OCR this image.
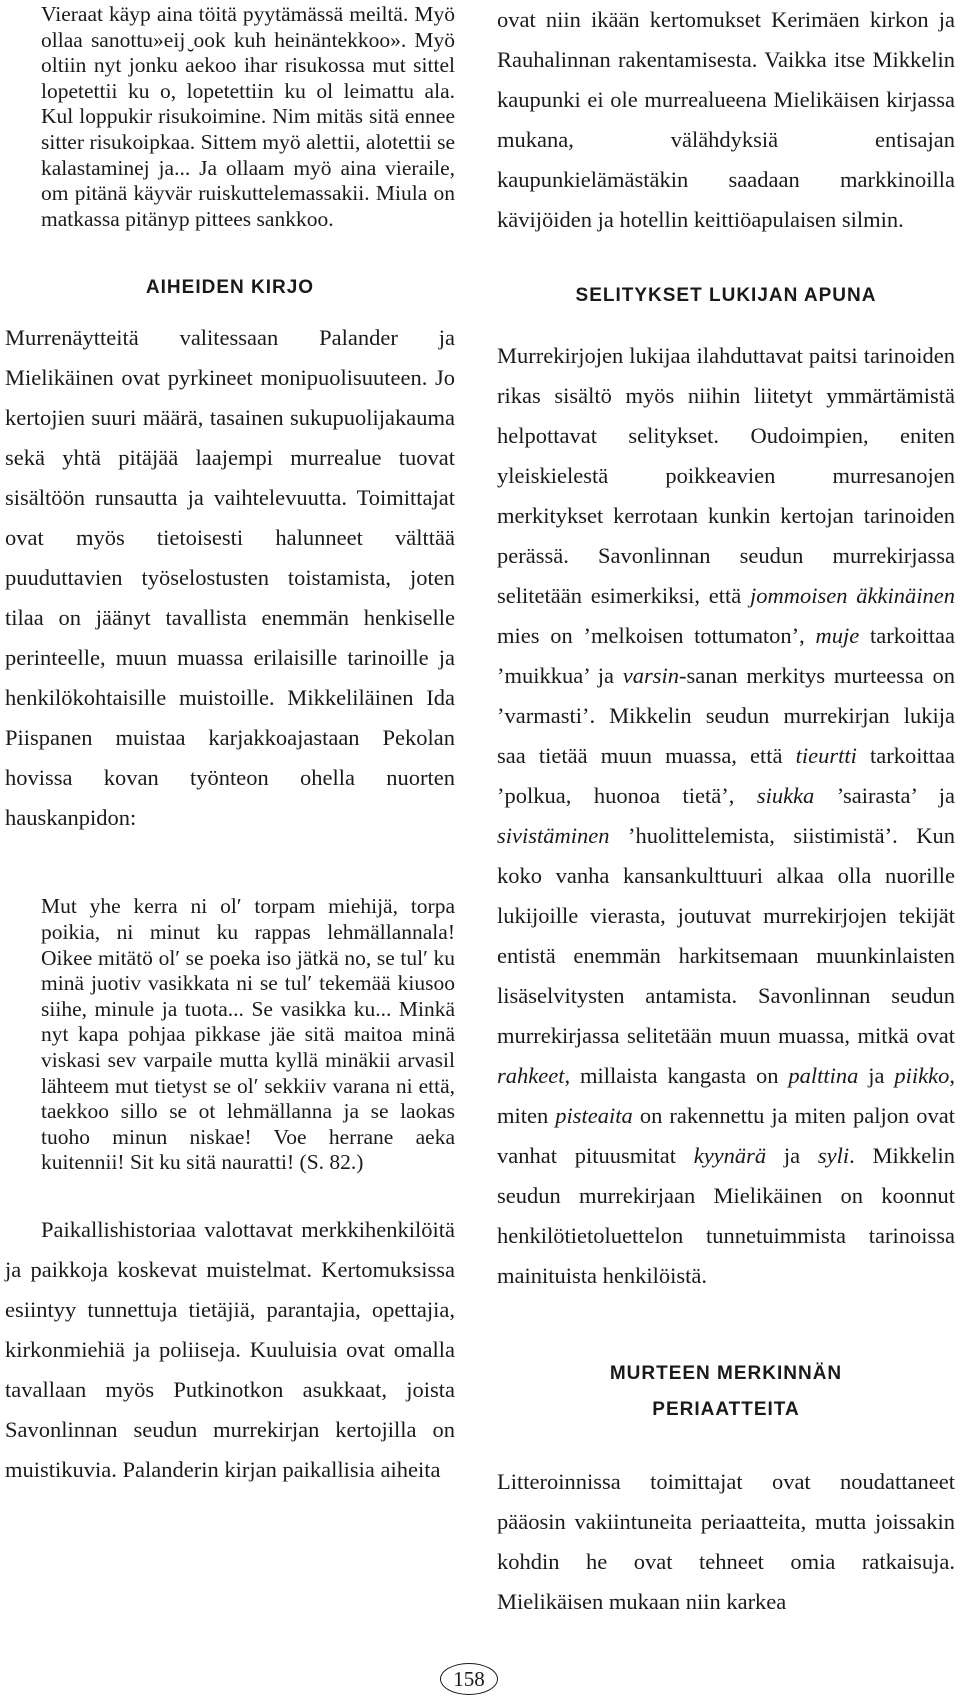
Vieraat käyp aina töitä pyytämässä meiltä. Myö ollaa sanottu»eij ̮ook kuh heinäntekkoo». Myö oltiin nyt jonku aekoo ihar risukossa mut sittel lopetettii ku o, lopetettiin ku ol leimattu ala. Kul loppukir risukoimine. Nim mitäs sitä ennee sitter risukoipkaa. Sittem myö alettii, alotettii se kalastaminej ja... Ja ollaam myö aina vieraile, om pitänä käyvär ruiskuttelemassakii. Miula on matkassa pitänyp pittees sankkoo.

AIHEIDEN KIRJO

Murrenäytteitä valitessaan Palander ja Mielikäinen ovat pyrkineet monipuolisuuteen. Jo kertojien suuri määrä, tasainen sukupuolijakauma sekä yhtä pitäjää laajempi murrealue tuovat sisältöön runsautta ja vaihtelevuutta. Toimittajat ovat myös tietoisesti halunneet välttää puuduttavien työselostusten toistamista, joten tilaa on jäänyt tavallista enemmän henkiselle perinteelle, muun muassa erilaisille tarinoille ja henkilökohtaisille muistoille. Mikkeliläinen Ida Piispanen muistaa karjakkoajastaan Pekolan hovissa kovan työnteon ohella nuorten hauskanpidon:

Mut yhe kerra ni olʹ torpam miehijä, torpa poikia, ni minut ku rappas lehmällannala! Oikee mitätö olʹ se poeka iso jätkä no, se tulʹ ku minä juotiv vasikkata ni se tulʹ tekemää kiusoo siihe, minule ja tuota... Se vasikka ku... Minkä nyt kapa pohjaa pikkase jäe sitä maitoa minä viskasi sev varpaile mutta kyllä minäkii arvasil lähteem mut tietyst se olʹ sekkiiv varana ni että, taekkoo sillo se ot lehmällanna ja se laokas tuoho minun niskae! Voe herrane aeka kuitennii! Sit ku sitä nauratti! (S. 82.)

Paikallishistoriaa valottavat merkkihenkilöitä ja paikkoja koskevat muistelmat. Kertomuksissa esiintyy tunnettuja tietäjiä, parantajia, opettajia, kirkonmiehiä ja poliiseja. Kuuluisia ovat omalla tavallaan myös Putkinotkon asukkaat, joista Savonlinnan seudun murrekirjan kertojilla on muistikuvia. Palanderin kirjan paikallisia aiheita

ovat niin ikään kertomukset Kerimäen kirkon ja Rauhalinnan rakentamisesta. Vaikka itse Mikkelin kaupunki ei ole murrealueena Mielikäisen kirjassa mukana, välähdyksiä entisajan kaupunkielämästäkin saadaan markkinoilla kävijöiden ja hotellin keittiöapulaisen silmin.

SELITYKSET LUKIJAN APUNA

Murrekirjojen lukijaa ilahduttavat paitsi tarinoiden rikas sisältö myös niihin liitetyt ymmärtämistä helpottavat selitykset. Oudoimpien, eniten yleiskielestä poikkeavien murresanojen merkitykset kerrotaan kunkin kertojan tarinoiden perässä. Savonlinnan seudun murrekirjassa selitetään esimerkiksi, että jommoisen äkkinäinen mies on ’melkoisen tottumaton’, muje tarkoittaa ’muikkua’ ja varsin-sanan merkitys murteessa on ’varmasti’. Mikkelin seudun murrekirjan lukija saa tietää muun muassa, että tieurtti tarkoittaa ’polkua, huonoa tietä’, siukka ’sairasta’ ja sivistäminen ’huolittelemista, siistimistä’. Kun koko vanha kansankulttuuri alkaa olla nuorille lukijoille vierasta, joutuvat murrekirjojen tekijät entistä enemmän harkitsemaan muunkinlaisten lisäselvitysten antamista. Savonlinnan seudun murrekirjassa selitetään muun muassa, mitkä ovat rahkeet, millaista kangasta on palttina ja piikko, miten pisteaita on rakennettu ja miten paljon ovat vanhat pituusmitat kyynärä ja syli. Mikkelin seudun murrekirjaan Mielikäinen on koonnut henkilötietoluettelon tunnetuimmista tarinoissa mainituista henkilöistä.

MURTEEN MERKINNÄN
PERIAATTEITA

Litteroinnissa toimittajat ovat noudattaneet pääosin vakiintuneita periaatteita, mutta joissakin kohdin he ovat tehneet omia ratkaisuja. Mielikäisen mukaan niin karkea

158
